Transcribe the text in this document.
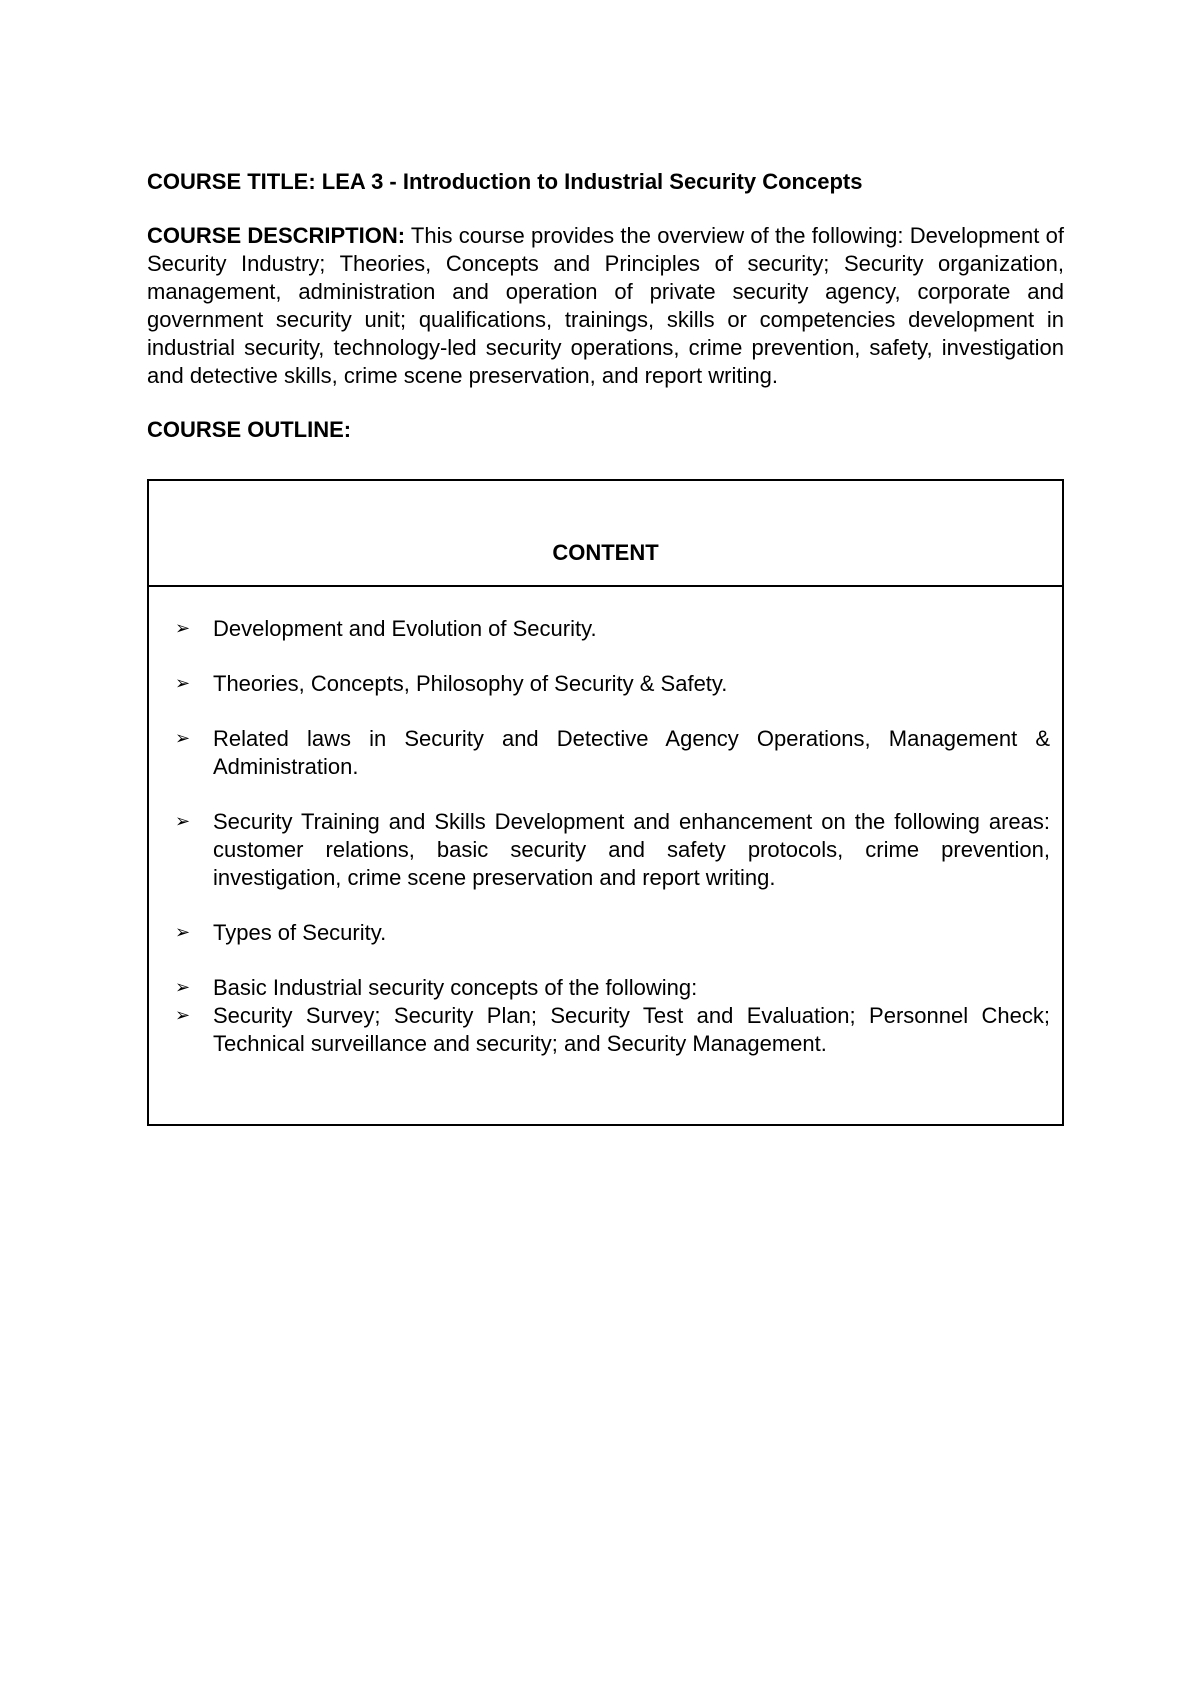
COURSE TITLE: LEA 3 - Introduction to Industrial Security Concepts

COURSE DESCRIPTION: This course provides the overview of the following: Development of Security Industry; Theories, Concepts and Principles of security; Security organization, management, administration and operation of private security agency, corporate and government security unit; qualifications, trainings, skills or competencies development in industrial security, technology-led security operations, crime prevention, safety, investigation and detective skills, crime scene preservation, and report writing.

COURSE OUTLINE:

CONTENT
➢	Development and Evolution of Security.
➢	Theories, Concepts, Philosophy of Security & Safety.
➢	Related laws in Security and Detective Agency Operations, Management & Administration.
➢	Security Training and Skills Development and enhancement on the following areas: customer relations, basic security and safety protocols, crime prevention, investigation, crime scene preservation and report writing.
➢	Types of Security.
➢	Basic Industrial security concepts of the following:
➢	Security Survey; Security Plan; Security Test and Evaluation; Personnel Check; Technical surveillance and security; and Security Management.
